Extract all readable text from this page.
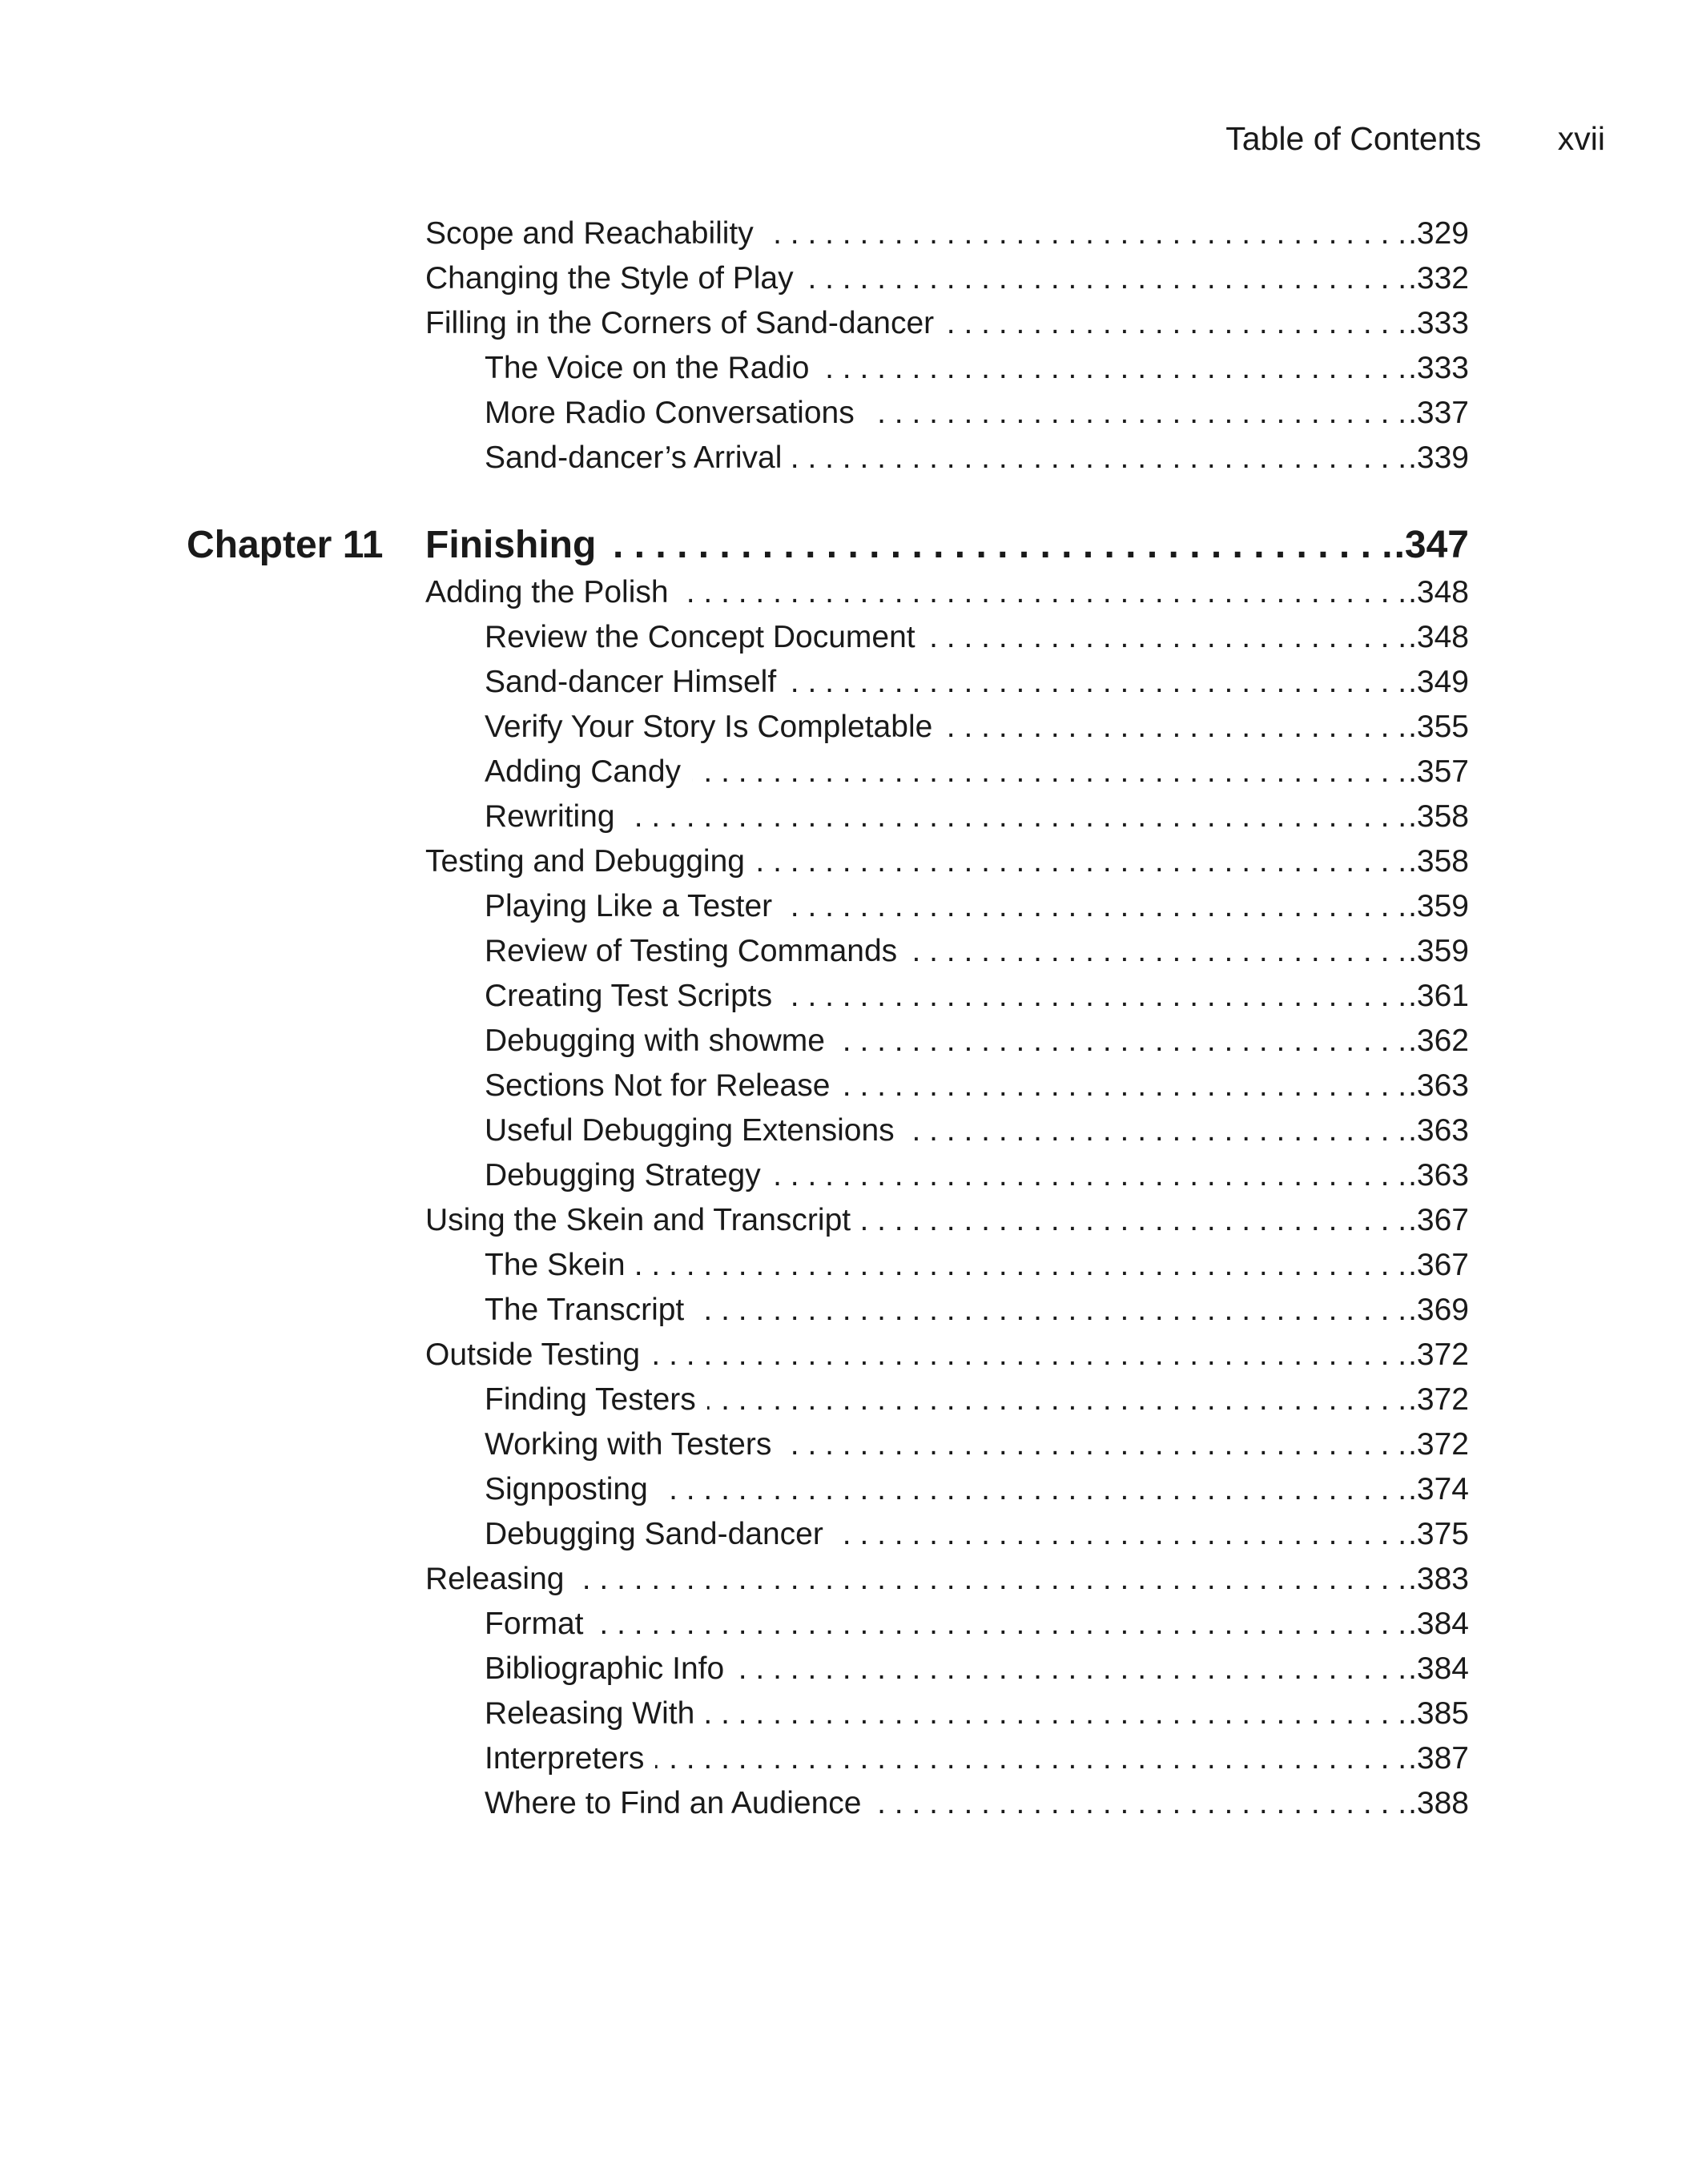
Table of Contents xvii
Scope and Reachability . . .	.329
Changing the Style of Play . . .	.332
Filling in the Corners of Sand-dancer . . .	.333
The Voice on the Radio . . .	.333
More Radio Conversations . . .	.337
Sand-dancer’s Arrival . . .	.339
Chapter 11 Finishing . . .	.347
Adding the Polish . . .	.348
Review the Concept Document . . .	.348
Sand-dancer Himself . . .	.349
Verify Your Story Is Completable . . .	.355
Adding Candy . . .	.357
Rewriting . . .	.358
Testing and Debugging . . .	.358
Playing Like a Tester . . .	.359
Review of Testing Commands . . .	.359
Creating Test Scripts . . .	.361
Debugging with showme . . .	.362
Sections Not for Release . . .	.363
Useful Debugging Extensions . . .	.363
Debugging Strategy . . .	.363
Using the Skein and Transcript . . .	.367
The Skein . . .	.367
The Transcript . . .	.369
Outside Testing . . .	.372
Finding Testers . . .	.372
Working with Testers . . .	.372
Signposting . . .	.374
Debugging Sand-dancer . . .	.375
Releasing . . .	.383
Format . . .	.384
Bibliographic Info . . .	.384
Releasing With . . .	.385
Interpreters . . .	.387
Where to Find an Audience . . .	.388
